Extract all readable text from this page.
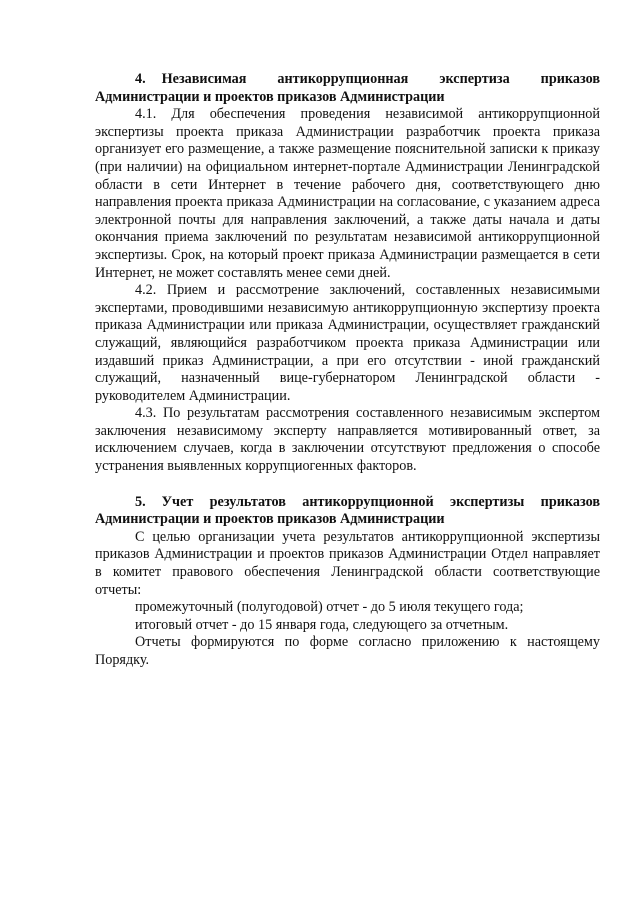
4. Независимая антикоррупционная экспертиза приказов Администрации и проектов приказов Администрации

4.1. Для обеспечения проведения независимой антикоррупционной экспертизы проекта приказа Администрации разработчик проекта приказа организует его размещение, а также размещение пояснительной записки к приказу (при наличии) на официальном интернет-портале Администрации Ленинградской области в сети Интернет в течение рабочего дня, соответствующего дню направления проекта приказа Администрации на согласование, с указанием адреса электронной почты для направления заключений, а также даты начала и даты окончания приема заключений по результатам независимой антикоррупционной экспертизы. Срок, на который проект приказа Администрации размещается в сети Интернет, не может составлять менее семи дней.

4.2. Прием и рассмотрение заключений, составленных независимыми экспертами, проводившими независимую антикоррупционную экспертизу проекта приказа Администрации или приказа Администрации, осуществляет гражданский служащий, являющийся разработчиком проекта приказа Администрации или издавший приказ Администрации, а при его отсутствии - иной гражданский служащий, назначенный вице-губернатором Ленинградской области - руководителем Администрации.

4.3. По результатам рассмотрения составленного независимым экспертом заключения независимому эксперту направляется мотивированный ответ, за исключением случаев, когда в заключении отсутствуют предложения о способе устранения выявленных коррупциогенных факторов.

5. Учет результатов антикоррупционной экспертизы приказов Администрации и проектов приказов Администрации

С целью организации учета результатов антикоррупционной экспертизы приказов Администрации и проектов приказов Администрации Отдел направляет в комитет правового обеспечения Ленинградской области соответствующие отчеты:

промежуточный (полугодовой) отчет - до 5 июля текущего года;

итоговый отчет - до 15 января года, следующего за отчетным.

Отчеты формируются по форме согласно приложению к настоящему Порядку.
